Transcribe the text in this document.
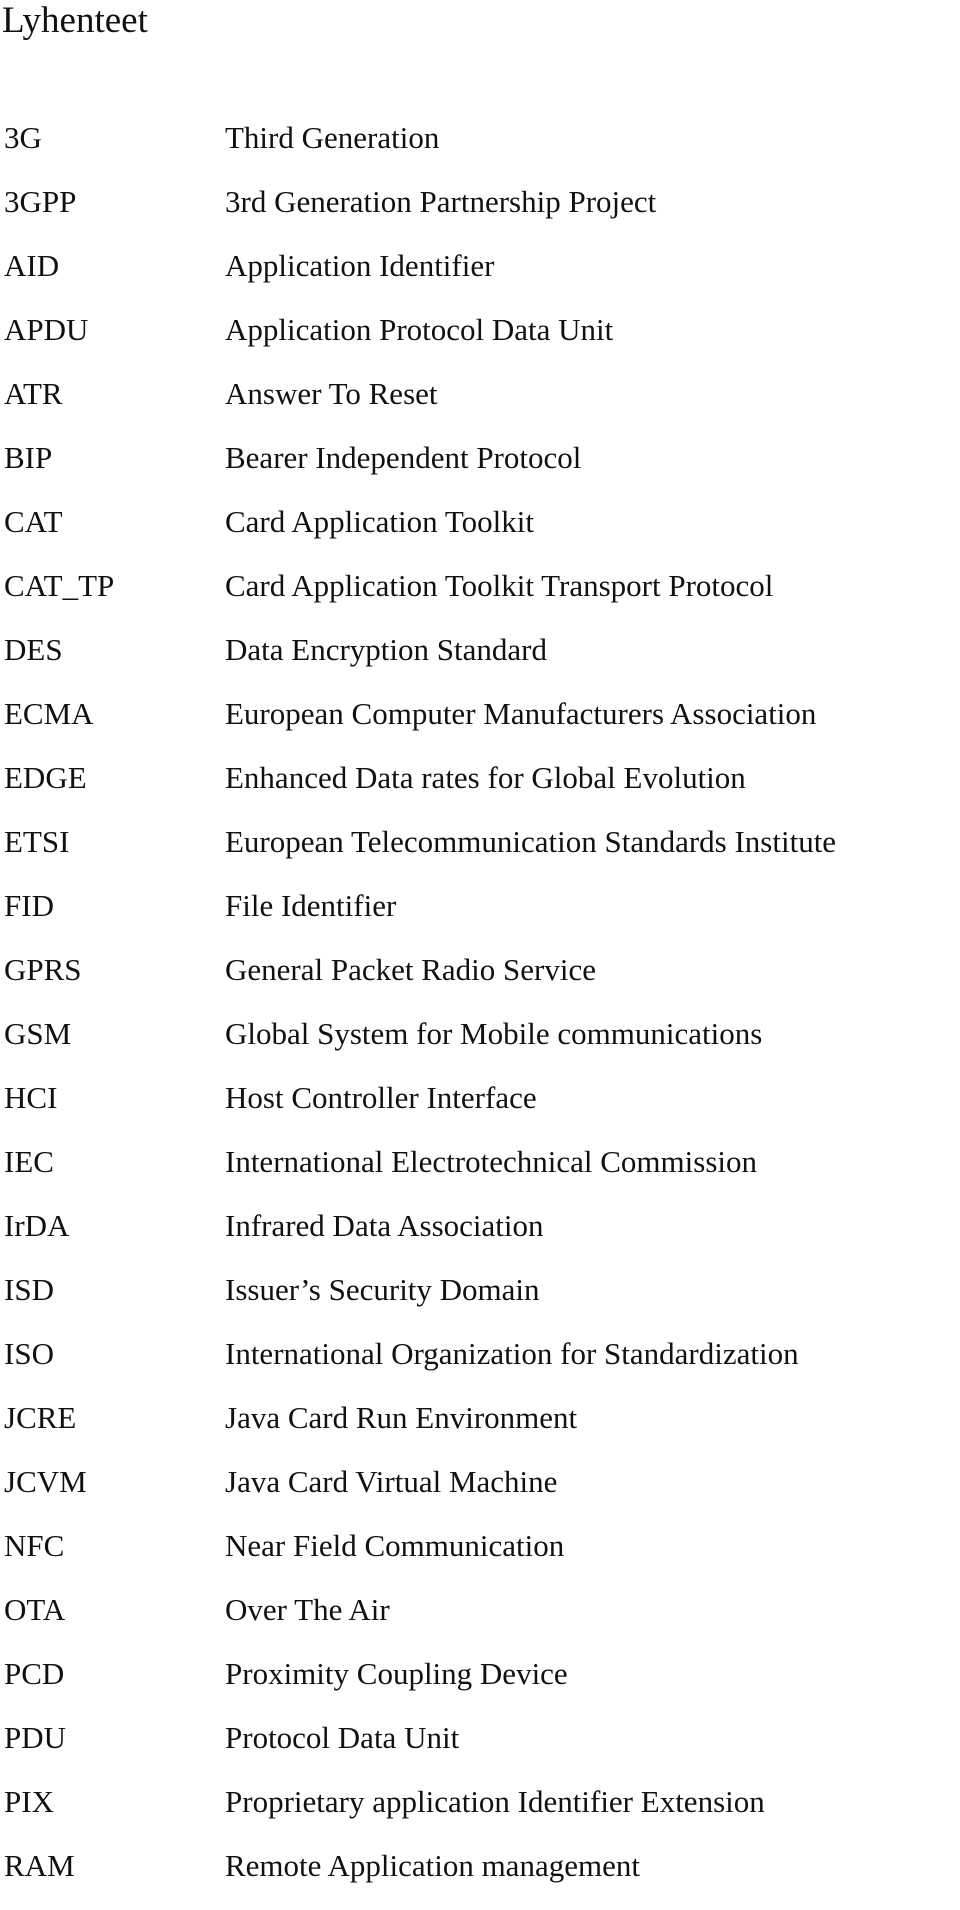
Lyhenteet
3G	Third Generation
3GPP	3rd Generation Partnership Project
AID	Application Identifier
APDU	Application Protocol Data Unit
ATR	Answer To Reset
BIP	Bearer Independent Protocol
CAT	Card Application Toolkit
CAT_TP	Card Application Toolkit Transport Protocol
DES	Data Encryption Standard
ECMA	European Computer Manufacturers Association
EDGE	Enhanced Data rates for Global Evolution
ETSI	European Telecommunication Standards Institute
FID	File Identifier
GPRS	General Packet Radio Service
GSM	Global System for Mobile communications
HCI	Host Controller Interface
IEC	International Electrotechnical Commission
IrDA	Infrared Data Association
ISD	Issuer’s Security Domain
ISO	International Organization for Standardization
JCRE	Java Card Run Environment
JCVM	Java Card Virtual Machine
NFC	Near Field Communication
OTA	Over The Air
PCD	Proximity Coupling Device
PDU	Protocol Data Unit
PIX	Proprietary application Identifier Extension
RAM	Remote Application management
